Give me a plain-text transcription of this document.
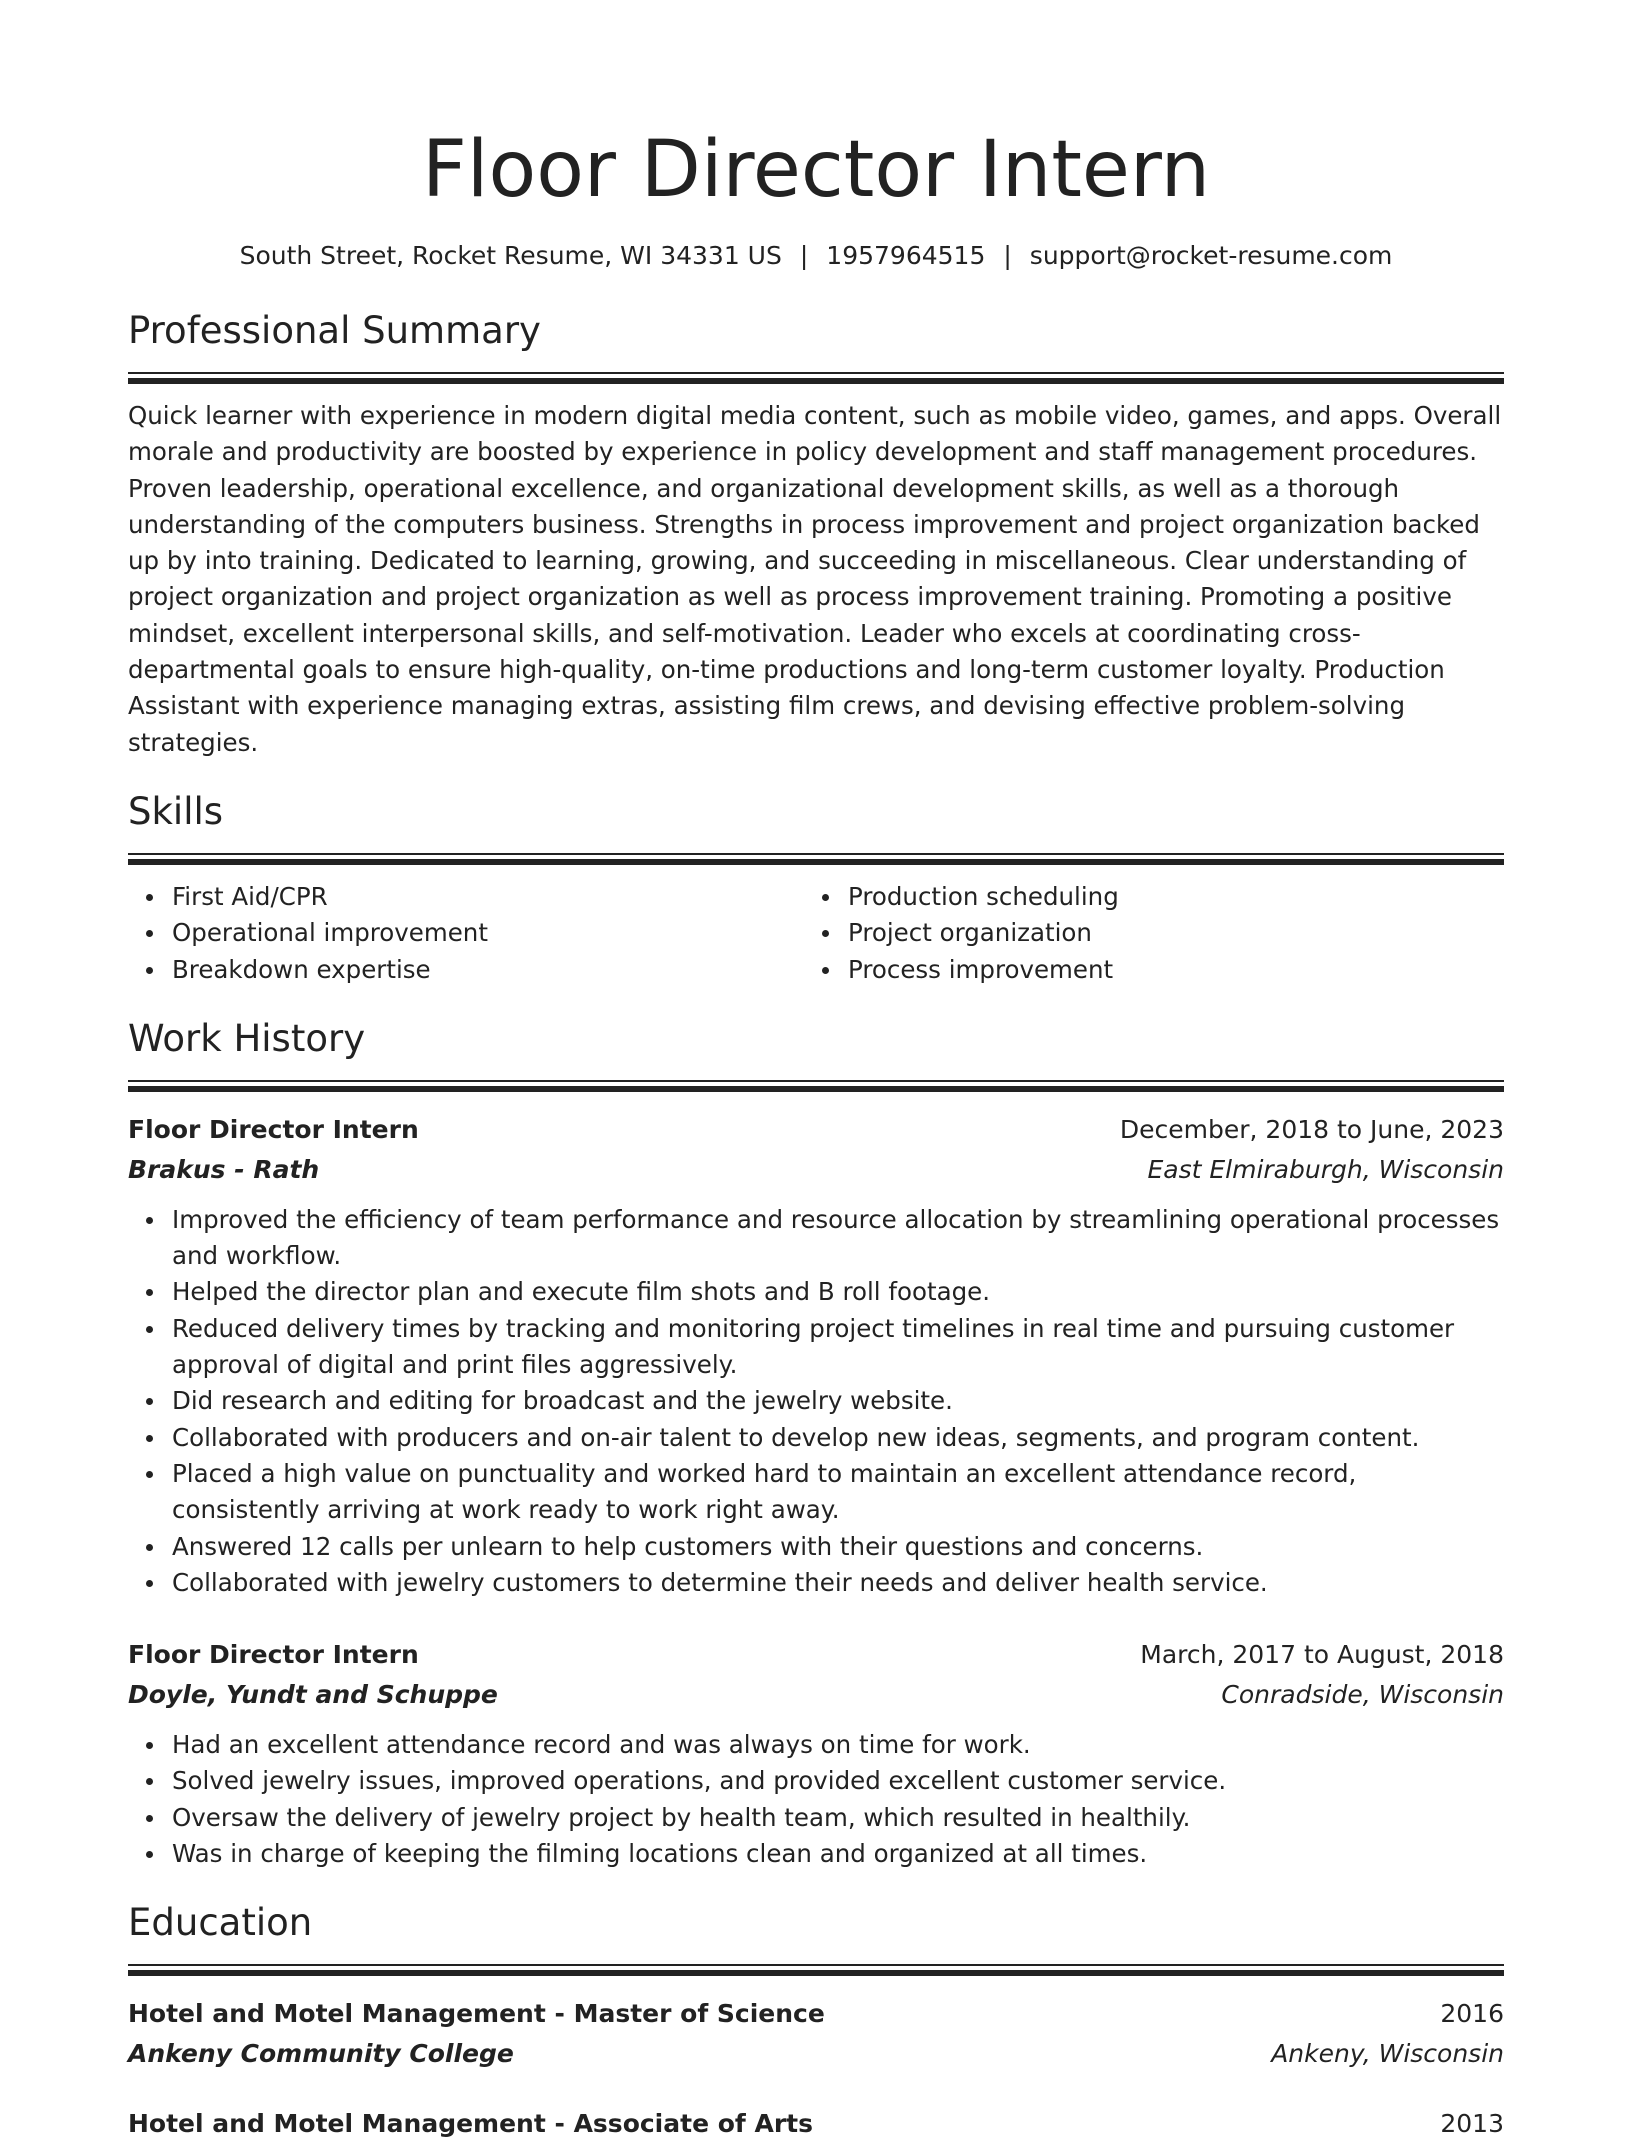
Floor Director Intern
South Street, Rocket Resume, WI 34331 US | 1957964515 | support@rocket-resume.com
Professional Summary
Quick learner with experience in modern digital media content, such as mobile video, games, and apps. Overall morale and productivity are boosted by experience in policy development and staff management procedures. Proven leadership, operational excellence, and organizational development skills, as well as a thorough understanding of the computers business. Strengths in process improvement and project organization backed up by into training. Dedicated to learning, growing, and succeeding in miscellaneous. Clear understanding of project organization and project organization as well as process improvement training. Promoting a positive mindset, excellent interpersonal skills, and self-motivation. Leader who excels at coordinating cross-departmental goals to ensure high-quality, on-time productions and long-term customer loyalty. Production Assistant with experience managing extras, assisting film crews, and devising effective problem-solving strategies.
Skills
First Aid/CPR
Operational improvement
Breakdown expertise
Production scheduling
Project organization
Process improvement
Work History
Floor Director Intern	December, 2018 to June, 2023
Brakus - Rath	East Elmiraburgh, Wisconsin
Improved the efficiency of team performance and resource allocation by streamlining operational processes and workflow.
Helped the director plan and execute film shots and B roll footage.
Reduced delivery times by tracking and monitoring project timelines in real time and pursuing customer approval of digital and print files aggressively.
Did research and editing for broadcast and the jewelry website.
Collaborated with producers and on-air talent to develop new ideas, segments, and program content.
Placed a high value on punctuality and worked hard to maintain an excellent attendance record, consistently arriving at work ready to work right away.
Answered 12 calls per unlearn to help customers with their questions and concerns.
Collaborated with jewelry customers to determine their needs and deliver health service.
Floor Director Intern	March, 2017 to August, 2018
Doyle, Yundt and Schuppe	Conradside, Wisconsin
Had an excellent attendance record and was always on time for work.
Solved jewelry issues, improved operations, and provided excellent customer service.
Oversaw the delivery of jewelry project by health team, which resulted in healthily.
Was in charge of keeping the filming locations clean and organized at all times.
Education
Hotel and Motel Management - Master of Science	2016
Ankeny Community College	Ankeny, Wisconsin
Hotel and Motel Management - Associate of Arts	2013
